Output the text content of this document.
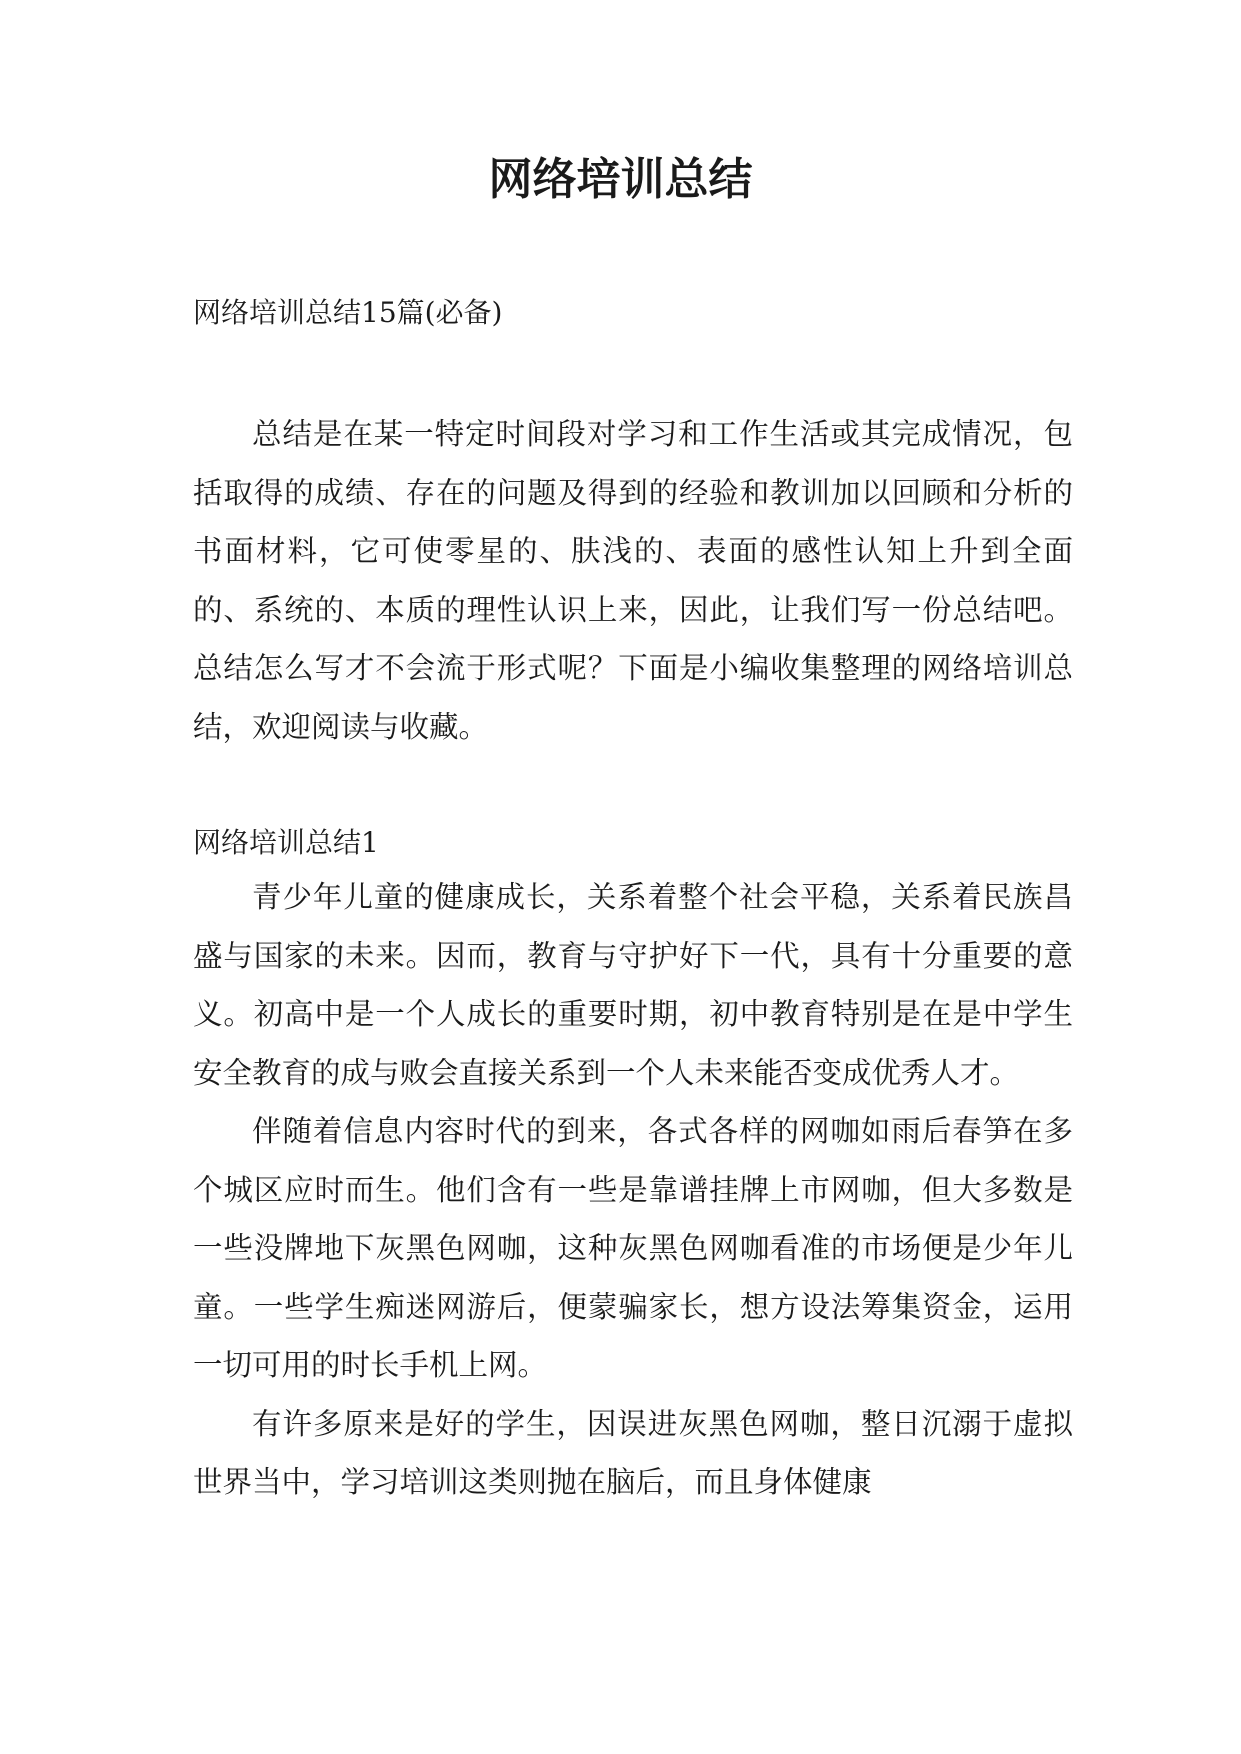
网络培训总结
网络培训总结15篇(必备)

总结是在某一特定时间段对学习和工作生活或其完成情况，包括取得的成绩、存在的问题及得到的经验和教训加以回顾和分析的书面材料，它可使零星的、肤浅的、表面的感性认知上升到全面的、系统的、本质的理性认识上来，因此，让我们写一份总结吧。总结怎么写才不会流于形式呢？下面是小编收集整理的网络培训总结，欢迎阅读与收藏。

网络培训总结1

青少年儿童的健康成长，关系着整个社会平稳，关系着民族昌盛与国家的未来。因而，教育与守护好下一代，具有十分重要的意义。初高中是一个人成长的重要时期，初中教育特别是在是中学生安全教育的成与败会直接关系到一个人未来能否变成优秀人才。

伴随着信息内容时代的到来，各式各样的网咖如雨后春笋在多个城区应时而生。他们含有一些是靠谱挂牌上市网咖，但大多数是一些没牌地下灰黑色网咖，这种灰黑色网咖看准的市场便是少年儿童。一些学生痴迷网游后，便蒙骗家长，想方设法筹集资金，运用一切可用的时长手机上网。

有许多原来是好的学生，因误进灰黑色网咖，整日沉溺于虚拟世界当中，学习培训这类则抛在脑后，而且身体健康
